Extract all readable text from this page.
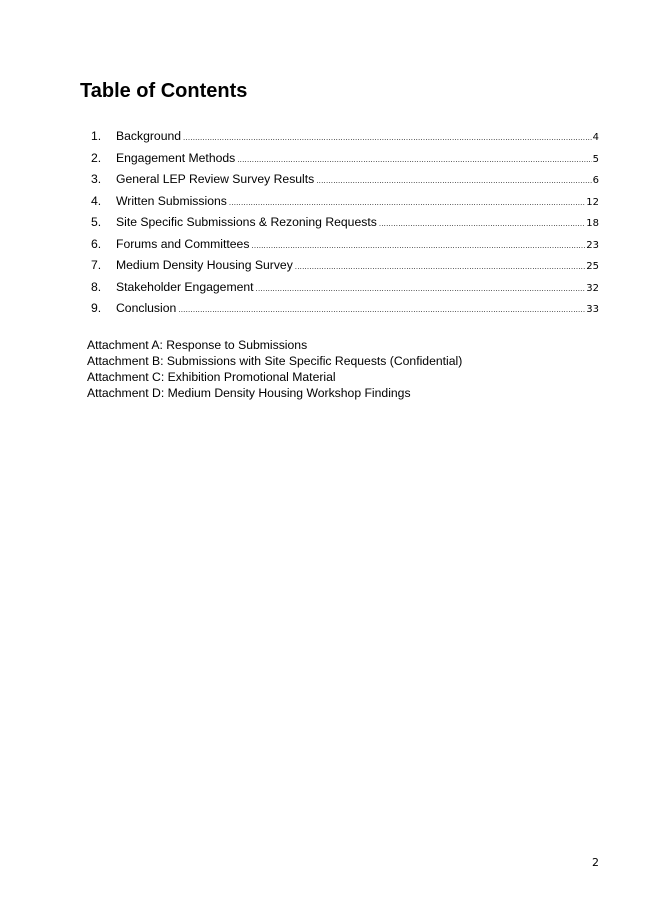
Table of Contents
1.	Background .....	4
2.	Engagement Methods .....	5
3.	General LEP Review Survey Results .....	6
4.	Written Submissions .....	12
5.	Site Specific Submissions & Rezoning Requests .....	18
6.	Forums and Committees .....	23
7.	Medium Density Housing Survey .....	25
8.	Stakeholder Engagement .....	32
9.	Conclusion .....	33
Attachment A: Response to Submissions
Attachment B: Submissions with Site Specific Requests (Confidential)
Attachment C: Exhibition Promotional Material
Attachment D: Medium Density Housing Workshop Findings
2
